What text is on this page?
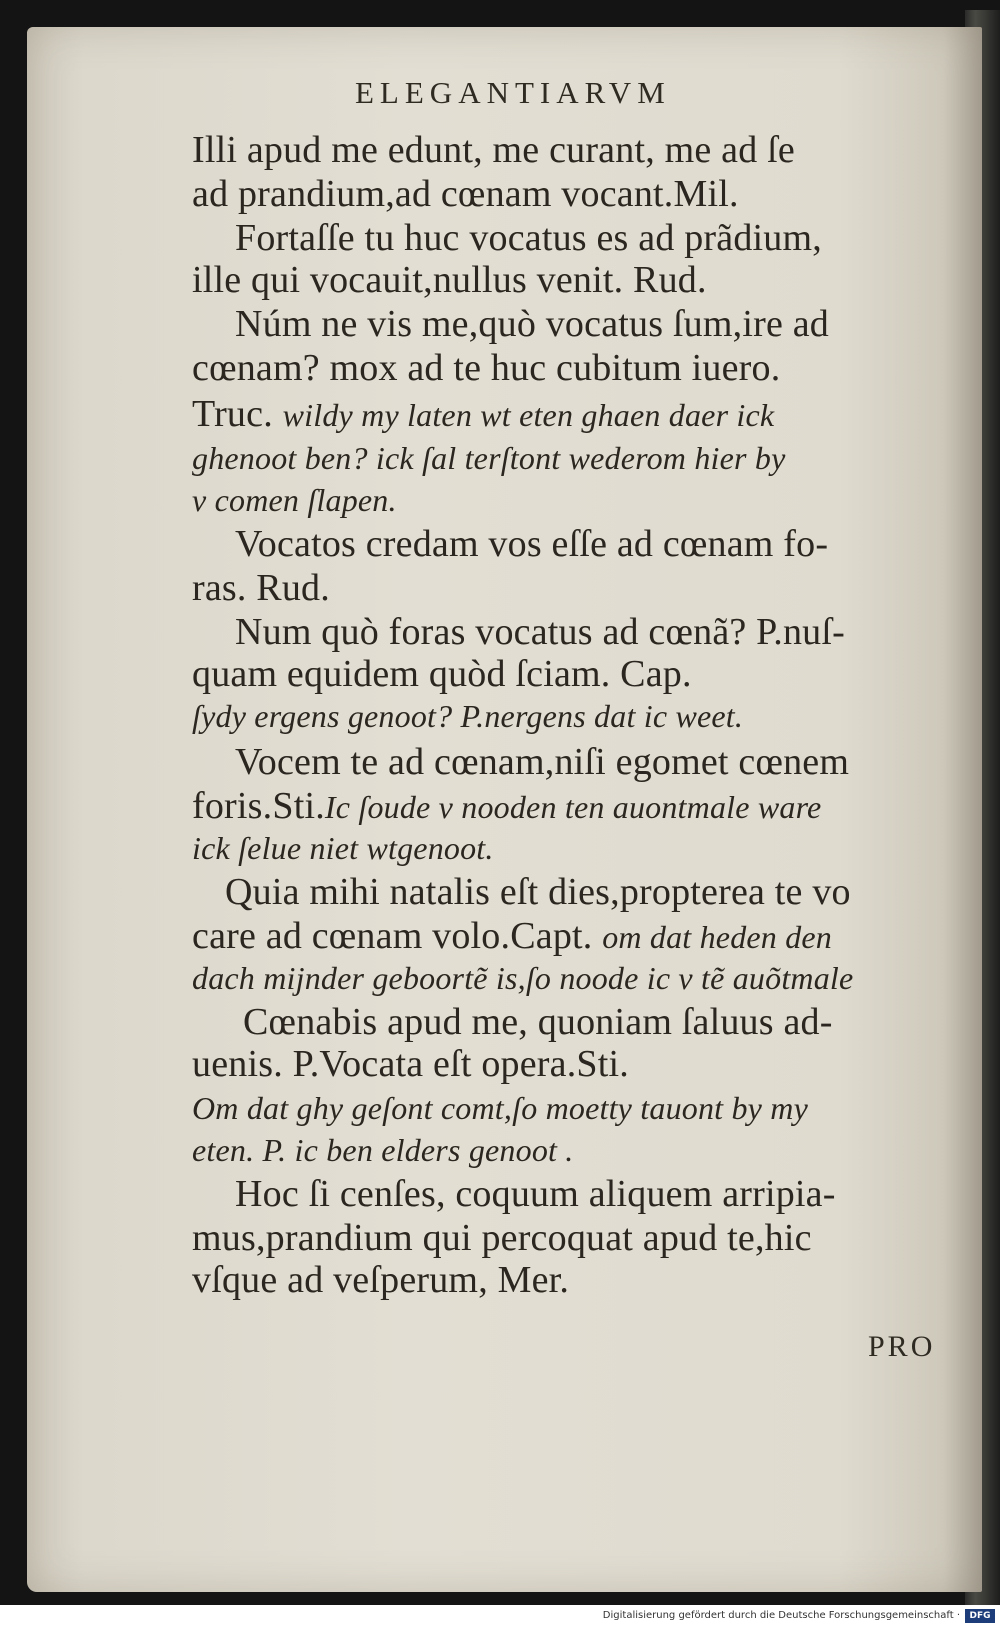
ELEGANTIARVM
Illi apud me edunt, me curant, me ad ſe
ad prandium,ad cœnam vocant.Mil.
Fortaſſe tu huc vocatus es ad prãdium,
ille qui vocauit,nullus venit. Rud.
Núm ne vis me,quò vocatus ſum,ire ad
cœnam? mox ad te huc cubitum iuero.
Truc. wildy my laten wt eten ghaen daer ick
ghenoot ben? ick ſal terſtont wederom hier by
v comen ſlapen.
Vocatos credam vos eſſe ad cœnam fo-
ras. Rud.
Num quò foras vocatus ad cœnã? P.nuſ-
quam equidem quòd ſciam. Cap.
ſydy ergens genoot? P.nergens dat ic weet.
Vocem te ad cœnam,niſi egomet cœnem
foris.Sti.Ic ſoude v nooden ten auontmale ware
ick ſelue niet wtgenoot.
Quia mihi natalis eſt dies,propterea te vo
care ad cœnam volo.Capt. om dat heden den
dach mijnder geboortẽ is,ſo noode ic v tẽ auõtmale
Cœnabis apud me, quoniam ſaluus ad-
uenis. P.Vocata eſt opera.Sti.
Om dat ghy geſont comt,ſo moetty tauont by my
eten. P. ic ben elders genoot .
Hoc ſi cenſes, coquum aliquem arripia-
mus,prandium qui percoquat apud te,hic
vſque ad veſperum, Mer.
PRO
Digitalisierung gefördert durch die Deutsche Forschungsgemeinschaft ·	DFG
